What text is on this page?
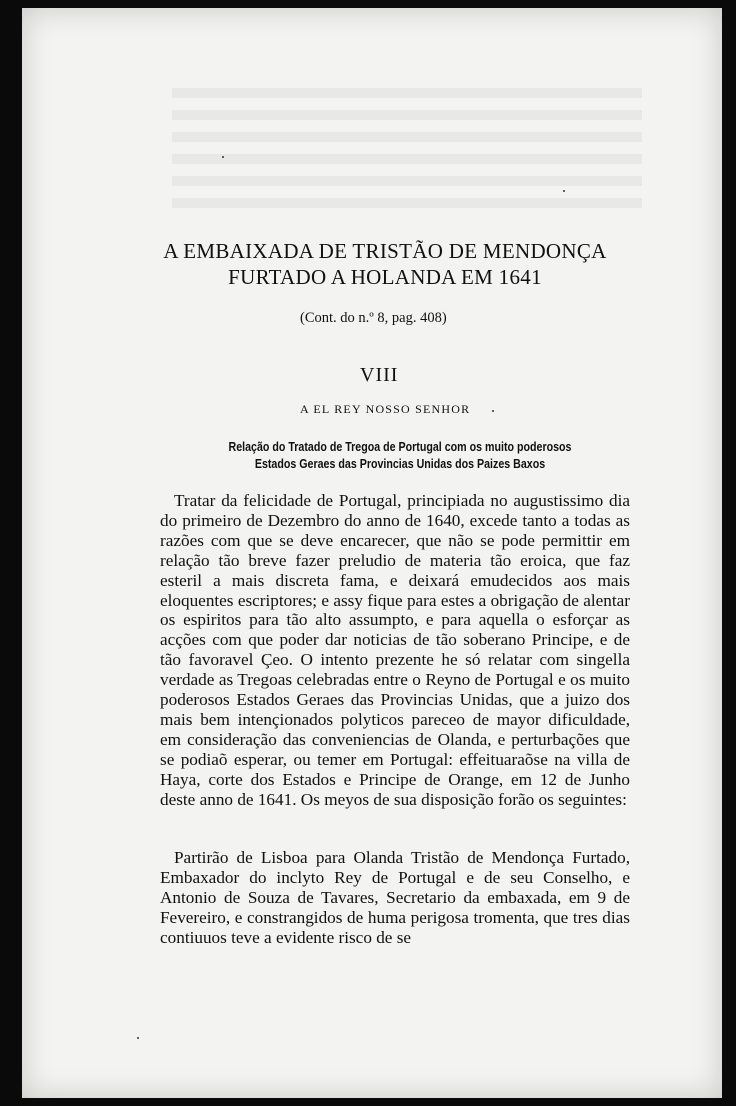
A EMBAIXADA DE TRISTÃO DE MENDONÇA
FURTADO A HOLANDA EM 1641
(Cont. do n.º 8, pag. 408)
VIII
A EL REY NOSSO SENHOR
Relação do Tratado de Tregoa de Portugal com os muito poderosos
Estados Geraes das Provincias Unidas dos Paizes Baxos

Tratar da felicidade de Portugal, principiada no augustissimo dia do primeiro de Dezembro do anno de 1640, excede tanto a todas as razões com que se deve encarecer, que não se pode permittir em relação tão breve fazer preludio de materia tão eroica, que faz esteril a mais discreta fama, e deixará emudecidos aos mais eloquentes escriptores; e assy fique para estes a obrigação de alentar os espiritos para tão alto assumpto, e para aquella o esforçar as acções com que poder dar noticias de tão soberano Principe, e de tão favoravel Çeo. O intento prezente he só relatar com singella verdade as Tregoas celebradas entre o Reyno de Portugal e os muito poderosos Estados Geraes das Provincias Unidas, que a juizo dos mais bem intençionados polyticos pareceo de mayor dificuldade, em consideração das conveniencias de Olanda, e perturbações que se podiaõ esperar, ou temer em Portugal: effeituaraõse na villa de Haya, corte dos Estados e Principe de Orange, em 12 de Junho deste anno de 1641. Os meyos de sua disposição forão os seguintes:

Partirão de Lisboa para Olanda Tristão de Mendonça Furtado, Embaxador do inclyto Rey de Portugal e de seu Conselho, e Antonio de Souza de Tavares, Secretario da embaxada, em 9 de Fevereiro, e constrangidos de huma perigosa tromenta, que tres dias contiuuos teve a evidente risco de se
